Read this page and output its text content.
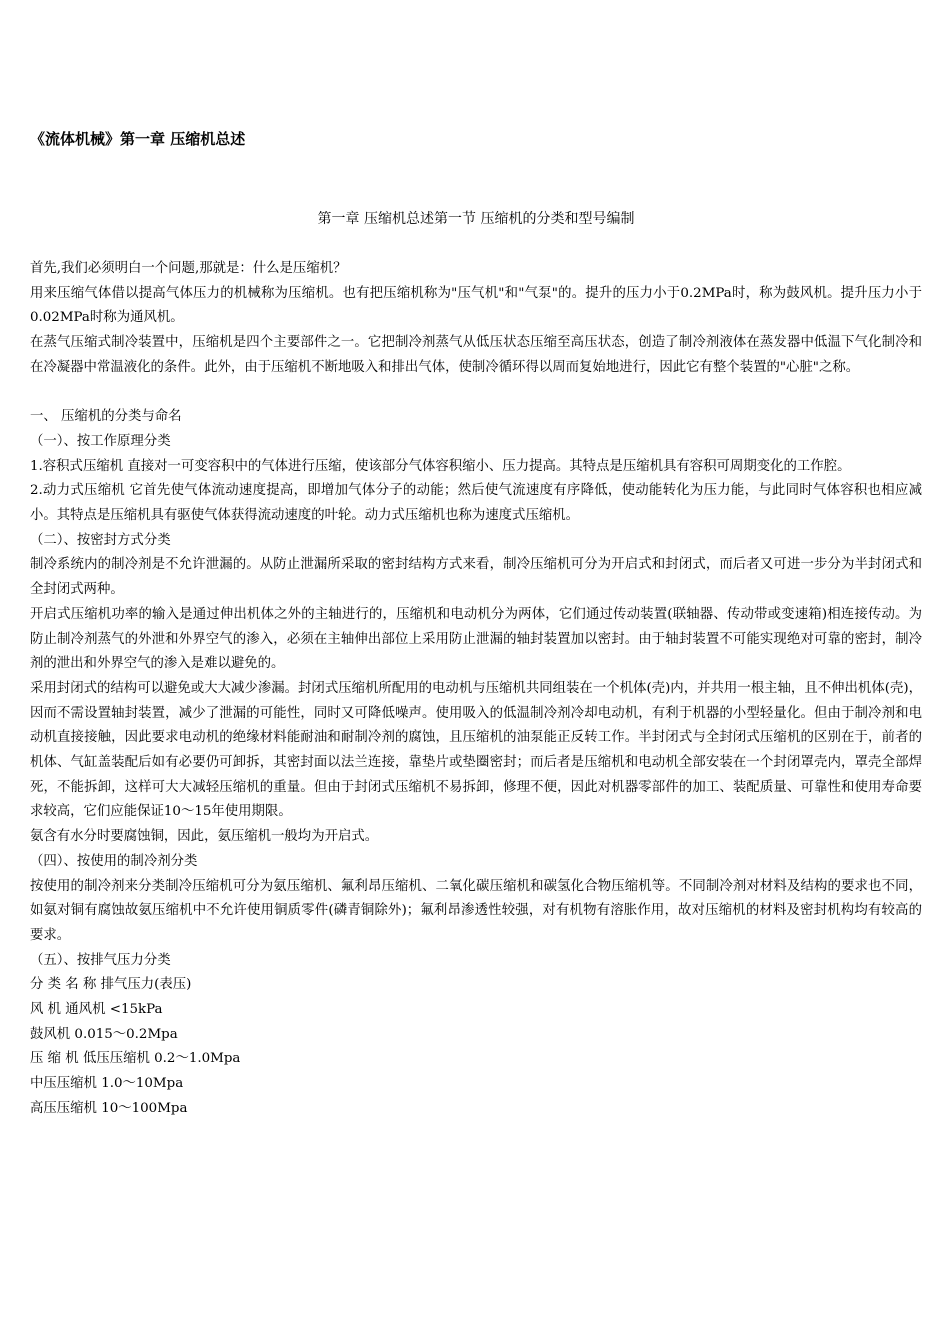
《流体机械》第一章 压缩机总述
第一章 压缩机总述第一节 压缩机的分类和型号编制

首先,我们必须明白一个问题,那就是：什么是压缩机？

用来压缩气体借以提高气体压力的机械称为压缩机。也有把压缩机称为"压气机"和"气泵"的。提升的压力小于0.2MPa时，称为鼓风机。提升压力小于0.02MPa时称为通风机。

在蒸气压缩式制冷装置中，压缩机是四个主要部件之一。它把制冷剂蒸气从低压状态压缩至高压状态，创造了制冷剂液体在蒸发器中低温下气化制冷和在冷凝器中常温液化的条件。此外，由于压缩机不断地吸入和排出气体，使制冷循环得以周而复始地进行，因此它有整个装置的"心脏"之称。

一、 压缩机的分类与命名

（一）、按工作原理分类

1.容积式压缩机 直接对一可变容积中的气体进行压缩，使该部分气体容积缩小、压力提高。其特点是压缩机具有容积可周期变化的工作腔。

2.动力式压缩机 它首先使气体流动速度提高，即增加气体分子的动能；然后使气流速度有序降低，使动能转化为压力能，与此同时气体容积也相应减小。其特点是压缩机具有驱使气体获得流动速度的叶轮。动力式压缩机也称为速度式压缩机。

（二）、按密封方式分类

制冷系统内的制冷剂是不允许泄漏的。从防止泄漏所采取的密封结构方式来看，制冷压缩机可分为开启式和封闭式，而后者又可进一步分为半封闭式和全封闭式两种。

开启式压缩机功率的输入是通过伸出机体之外的主轴进行的，压缩机和电动机分为两体，它们通过传动装置(联轴器、传动带或变速箱)相连接传动。为防止制冷剂蒸气的外泄和外界空气的渗入，必须在主轴伸出部位上采用防止泄漏的轴封装置加以密封。由于轴封装置不可能实现绝对可靠的密封，制冷剂的泄出和外界空气的渗入是难以避免的。

采用封闭式的结构可以避免或大大减少渗漏。封闭式压缩机所配用的电动机与压缩机共同组装在一个机体(壳)内，并共用一根主轴，且不伸出机体(壳)，因而不需设置轴封装置，减少了泄漏的可能性，同时又可降低噪声。使用吸入的低温制冷剂冷却电动机，有利于机器的小型轻量化。但由于制冷剂和电动机直接接触，因此要求电动机的绝缘材料能耐油和耐制冷剂的腐蚀，且压缩机的油泵能正反转工作。半封闭式与全封闭式压缩机的区别在于，前者的机体、气缸盖装配后如有必要仍可卸拆，其密封面以法兰连接，靠垫片或垫圈密封；而后者是压缩机和电动机全部安装在一个封闭罩壳内，罩壳全部焊死，不能拆卸，这样可大大减轻压缩机的重量。但由于封闭式压缩机不易拆卸，修理不便，因此对机器零部件的加工、装配质量、可靠性和使用寿命要求较高，它们应能保证10～15年使用期限。

氨含有水分时要腐蚀铜，因此，氨压缩机一般均为开启式。

（四）、按使用的制冷剂分类

按使用的制冷剂来分类制冷压缩机可分为氨压缩机、氟利昂压缩机、二氧化碳压缩机和碳氢化合物压缩机等。不同制冷剂对材料及结构的要求也不同，如氨对铜有腐蚀故氨压缩机中不允许使用铜质零件(磷青铜除外)；氟利昂渗透性较强，对有机物有溶胀作用，故对压缩机的材料及密封机构均有较高的要求。

（五）、按排气压力分类

分 类 名 称 排气压力(表压)

风 机 通风机 <15kPa

鼓风机 0.015～0.2Mpa

压 缩 机 低压压缩机 0.2～1.0Mpa

中压压缩机 1.0～10Mpa

高压压缩机 10～100Mpa
